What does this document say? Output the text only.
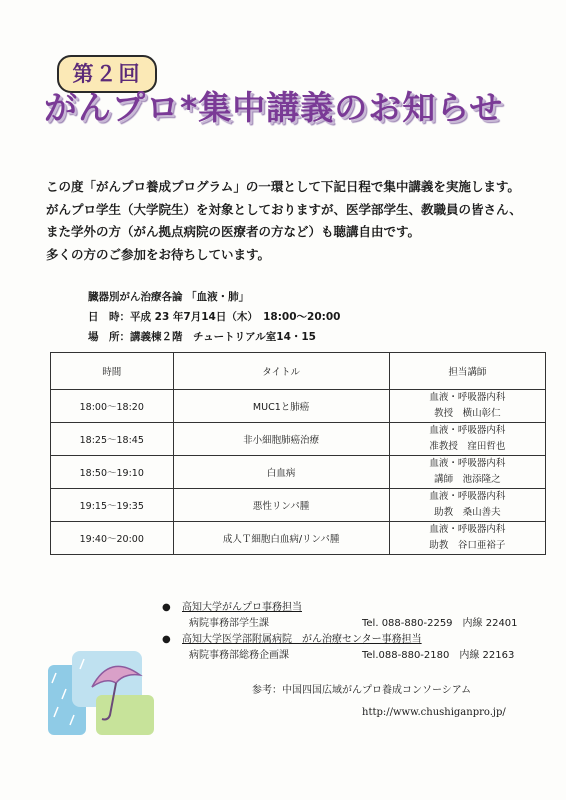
第２回
がんプロ*集中講義のお知らせ
この度「がんプロ養成プログラム」の一環として下記日程で集中講義を実施します。
がんプロ学生（大学院生）を対象としておりますが、医学部学生、教職員の皆さん、
また学外の方（がん拠点病院の医療者の方など）も聴講自由です。
多くの方のご参加をお待ちしています。
臓器別がん治療各論 「血液・肺」
日　時：平成 23 年7月14日（木）　18:00～20:00
場　所：講義棟２階　チュートリアル室14・15
時間	タイトル	担当講師
18:00～18:20	MUC1と肺癌	血液・呼吸器内科
教授　横山彰仁

18:25～18:45	非小細胞肺癌治療	血液・呼吸器内科
准教授　窪田哲也

18:50～19:10	白血病	血液・呼吸器内科
講師　池添隆之

19:15～19:35	悪性リンパ腫	血液・呼吸器内科
助教　桑山善夫

19:40～20:00	成人Ｔ細胞白血病/リンパ腫	血液・呼吸器内科
助教　谷口亜裕子
● 高知大学がんプロ事務担当
病院事務部学生課	Tel. 088-880-2259　内線 22401
● 高知大学医学部附属病院　がん治療センター事務担当
病院事務部総務企画課	Tel.088-880-2180　内線 22163
参考：中国四国広域がんプロ養成コンソーシアム
http://www.chushiganpro.jp/
